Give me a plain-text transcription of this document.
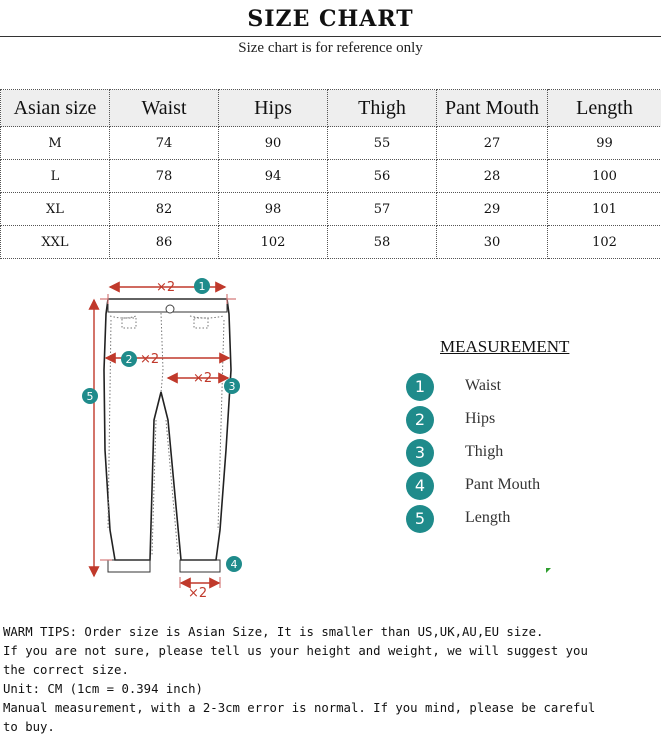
SIZE CHART
Size chart is for reference only
Asian size	Waist	Hips	Thigh	Pant Mouth	Length
M	74	90	55	27	99
L	78	94	56	28	100
XL	82	98	57	29	101
XXL	86	102	58	30	102
×2
×2
×2
×2
1
2
3
4
5
MEASUREMENT
1	Waist
2	Hips
3	Thigh
4	Pant Mouth
5	Length
WARM TIPS: Order size is Asian Size, It is smaller than US,UK,AU,EU size.
If you are not sure, please tell us your height and weight, we will suggest you
the correct size.
Unit: CM (1cm = 0.394 inch)
Manual measurement, with a 2-3cm error is normal. If you mind, please be careful
to buy.
